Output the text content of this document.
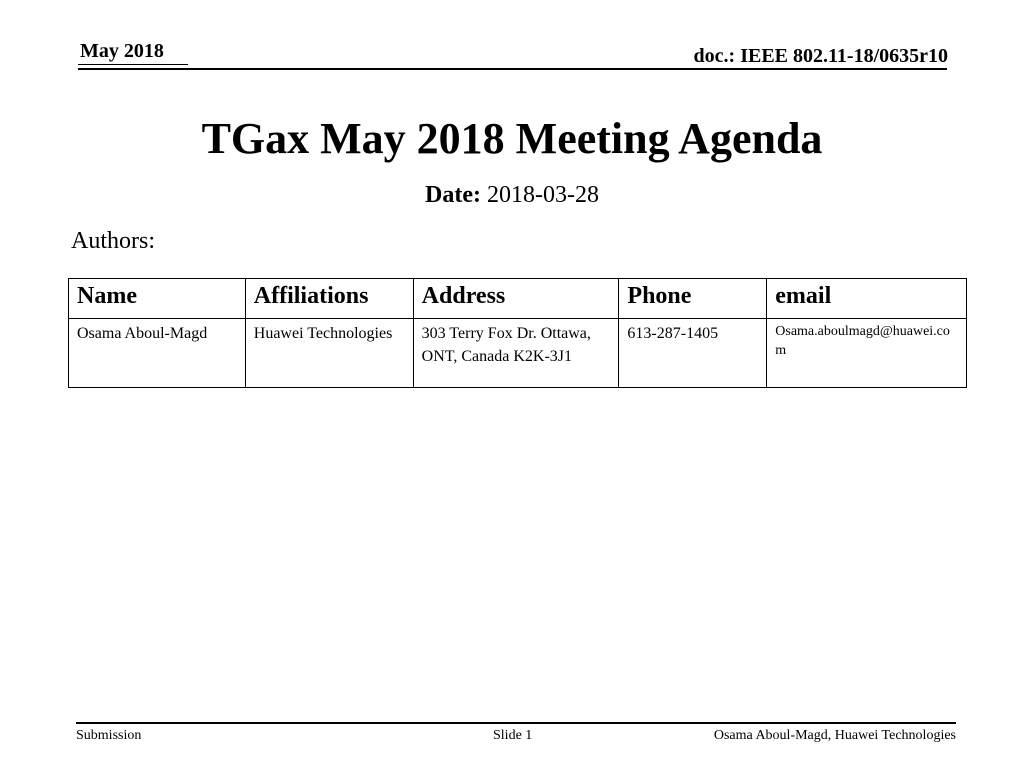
May 2018	doc.: IEEE 802.11-18/0635r10
TGax May 2018 Meeting Agenda
Date: 2018-03-28
Authors:
Name	Affiliations	Address	Phone	email
Osama Aboul-Magd	Huawei Technologies	303 Terry Fox Dr. Ottawa, ONT, Canada K2K-3J1	613-287-1405	Osama.aboulmagd@huawei.com
Submission	Slide 1	Osama Aboul-Magd, Huawei Technologies
